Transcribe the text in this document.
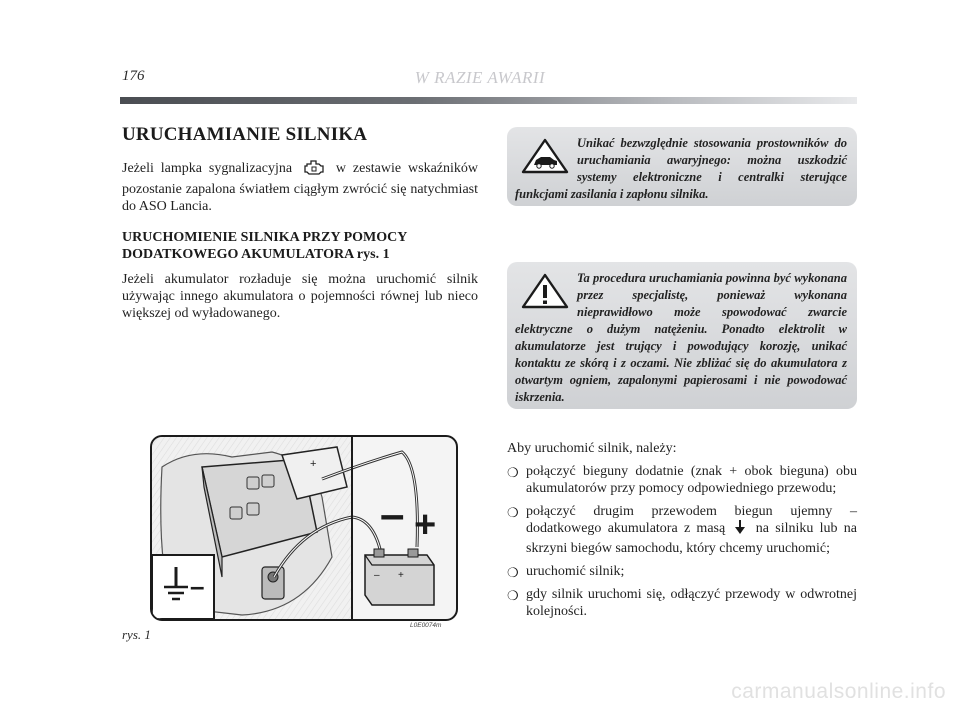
176	W RAZIE AWARII
URUCHAMIANIE SILNIKA

Jeżeli lampka sygnalizacyjna	w zestawie wskaźników pozostanie zapalona światłem ciągłym zwrócić się natychmiast do ASO Lancia.

URUCHOMIENIE SILNIKA PRZY POMOCY DODATKOWEGO AKUMULATORA rys. 1

Jeżeli akumulator rozładuje się można uruchomić silnik używając innego akumulatora o pojemności równej lub nieco większej od wyładowanego.

Unikać bezwzględnie stosowania prostowników do uruchamiania awaryjnego: można uszkodzić systemy elektroniczne i centralki sterujące funkcjami zasilania i zapłonu silnika.

Ta procedura uruchamiania powinna być wykonana przez specjalistę, ponieważ wykonana nieprawidłowo może spowodować zwarcie elektryczne o dużym natężeniu. Ponadto elektrolit w akumulatorze jest trujący i powodujący korozję, unikać kontaktu ze skórą i z oczami. Nie zbliżać się do akumulatora z otwartym ogniem, zapalonymi papierosami i nie powodować iskrzenia.

+
–	– +
– +
rys. 1
L0E0074m

Aby uruchomić silnik, należy:

❍ połączyć bieguny dodatnie (znak + obok bieguna) obu akumulatorów przy pomocy odpowiedniego przewodu;
❍ połączyć drugim przewodem biegun ujemny – dodatkowego akumulatora z masą na silniku lub na skrzyni biegów samochodu, który chcemy uruchomić;
❍ uruchomić silnik;
❍ gdy silnik uruchomi się, odłączyć przewody w odwrotnej kolejności.
carmanualsonline.info
